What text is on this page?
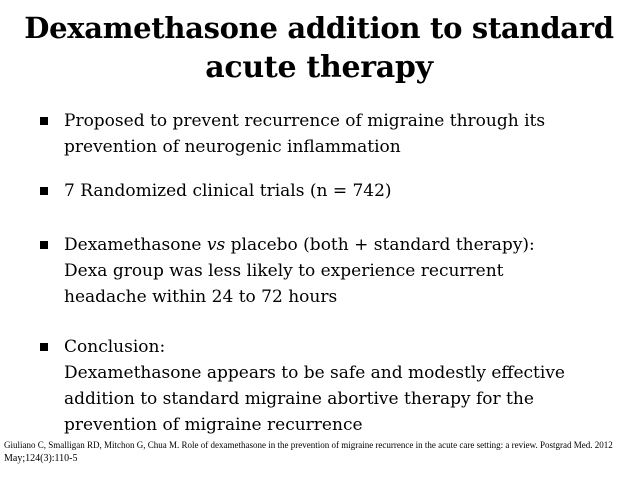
Dexamethasone addition to standard
acute therapy
Proposed to prevent recurrence of migraine through its
prevention of neurogenic inflammation
7 Randomized clinical trials (n = 742)
Dexamethasone vs placebo (both + standard therapy):
Dexa group was less likely to experience recurrent
headache within 24 to 72 hours
Conclusion:
Dexamethasone appears to be safe and modestly effective
addition to standard migraine abortive therapy for the
prevention of migraine recurrence
Giuliano C, Smalligan RD, Mitchon G, Chua M. Role of dexamethasone in the prevention of migraine recurrence in the acute care setting: a review. Postgrad Med. 2012
May;124(3):110-5
